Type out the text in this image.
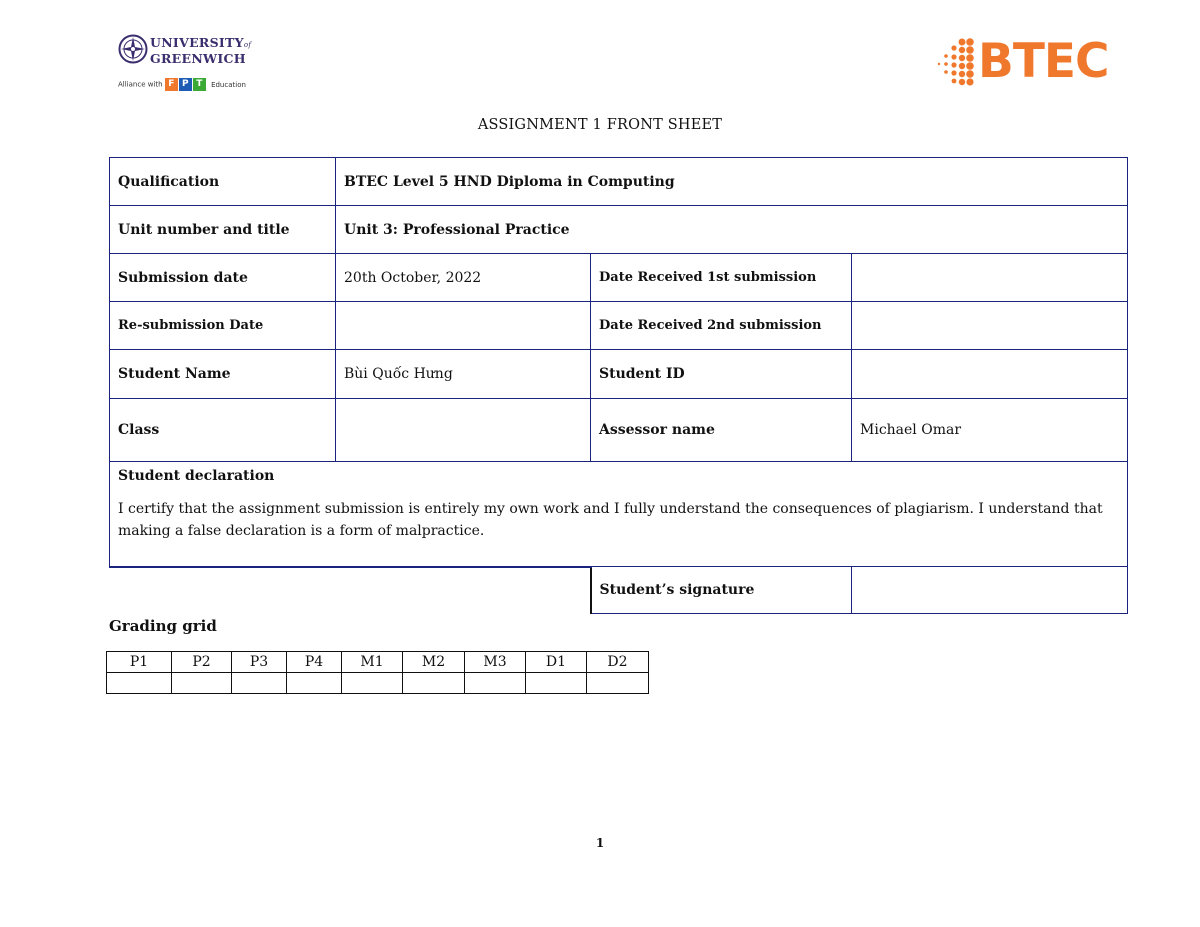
UNIVERSITYof
GREENWICH
Alliance with F P T Education	BTEC
ASSIGNMENT 1 FRONT SHEET
Qualification	BTEC Level 5 HND Diploma in Computing		
Unit number and title	Unit 3: Professional Practice		
Submission date	20th October, 2022	Date Received 1st submission	
Re-submission Date		Date Received 2nd submission	
Student Name	Bùi Quốc Hưng	Student ID	
Class		Assessor name	Michael Omar

Student declaration
I certify that the assignment submission is entirely my own work and I fully understand the consequences of plagiarism. I understand that making a false declaration is a form of malpractice.			

		Student’s signature	
Grading grid
P1	P2	P3	P4	M1	M2	M3	D1	D2

1
